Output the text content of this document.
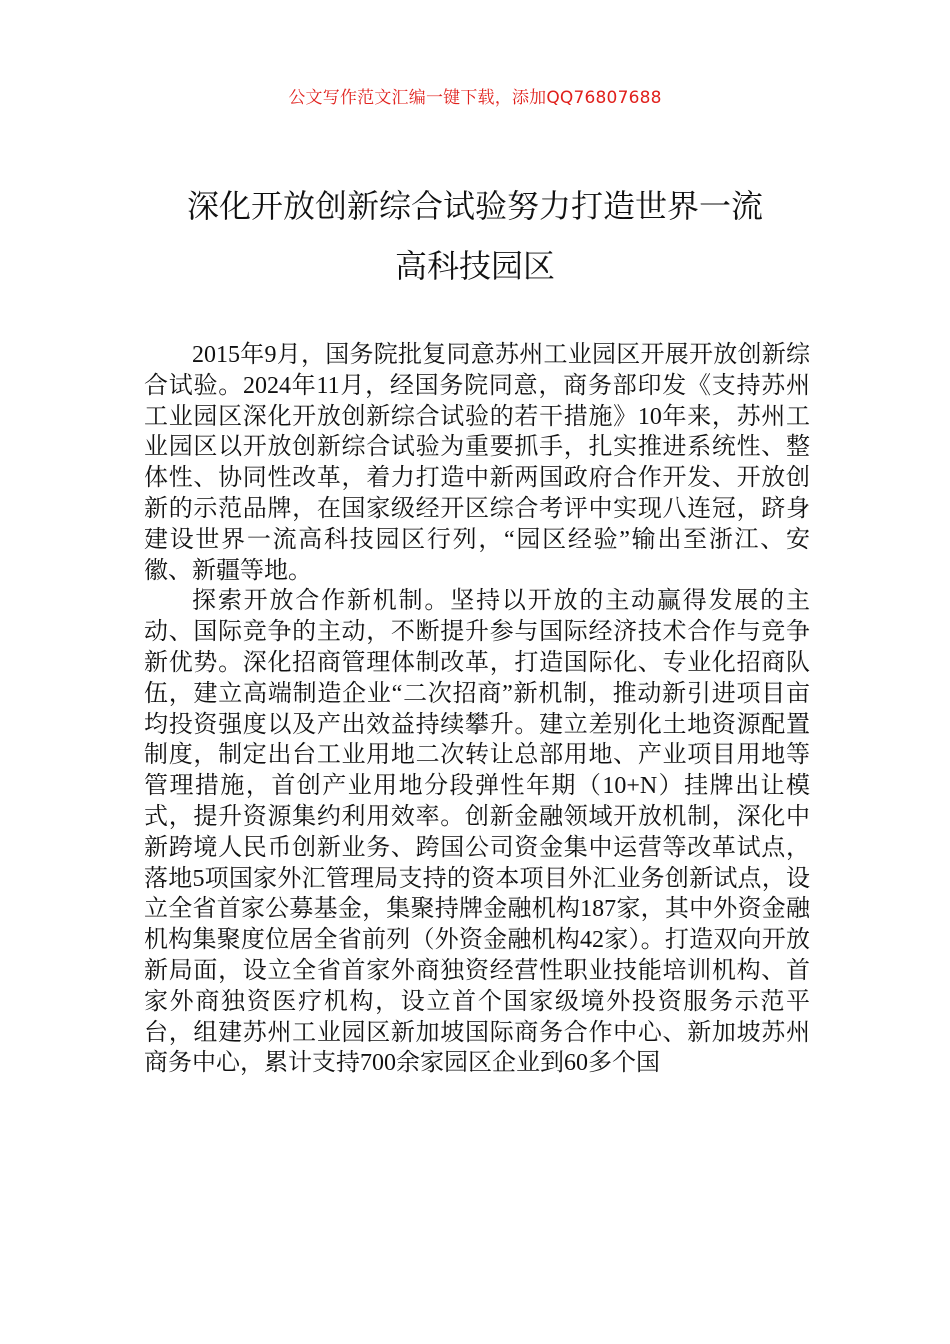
公文写作范文汇编一键下载，添加QQ76807688
深化开放创新综合试验努力打造世界一流
高科技园区

2015年9月，国务院批复同意苏州工业园区开展开放创新综合试验。2024年11月，经国务院同意，商务部印发《支持苏州工业园区深化开放创新综合试验的若干措施》10年来，苏州工业园区以开放创新综合试验为重要抓手，扎实推进系统性、整体性、协同性改革，着力打造中新两国政府合作开发、开放创新的示范品牌，在国家级经开区综合考评中实现八连冠，跻身建设世界一流高科技园区行列，“园区经验”输出至浙江、安徽、新疆等地。

探索开放合作新机制。坚持以开放的主动赢得发展的主动、国际竞争的主动，不断提升参与国际经济技术合作与竞争新优势。深化招商管理体制改革，打造国际化、专业化招商队伍，建立高端制造企业“二次招商”新机制，推动新引进项目亩均投资强度以及产出效益持续攀升。建立差别化土地资源配置制度，制定出台工业用地二次转让总部用地、产业项目用地等管理措施，首创产业用地分段弹性年期（10+N）挂牌出让模式，提升资源集约利用效率。创新金融领域开放机制，深化中新跨境人民币创新业务、跨国公司资金集中运营等改革试点，落地5项国家外汇管理局支持的资本项目外汇业务创新试点，设立全省首家公募基金，集聚持牌金融机构187家，其中外资金融机构集聚度位居全省前列（外资金融机构42家）。打造双向开放新局面，设立全省首家外商独资经营性职业技能培训机构、首家外商独资医疗机构，设立首个国家级境外投资服务示范平台，组建苏州工业园区新加坡国际商务合作中心、新加坡苏州商务中心，累计支持700余家园区企业到60多个国
